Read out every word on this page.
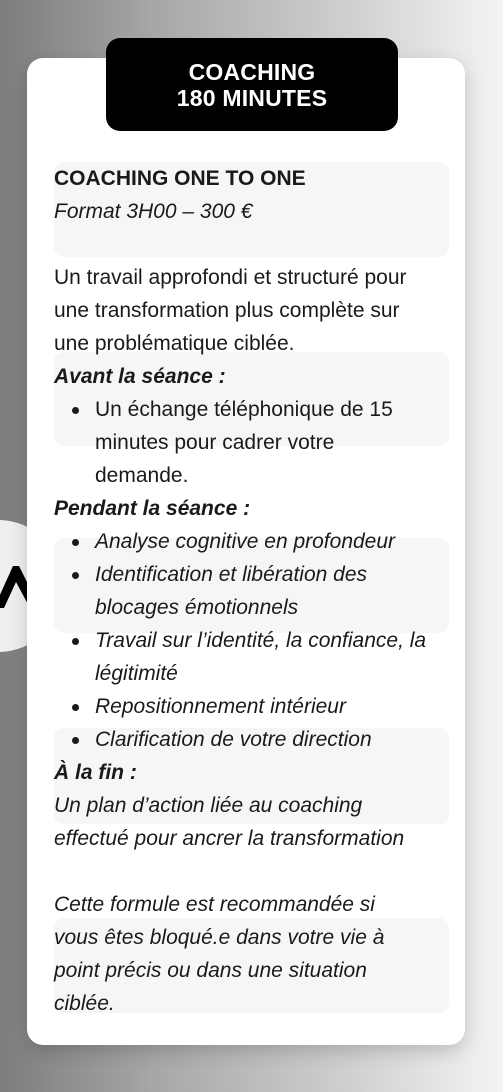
COACHING
180 MINUTES
COACHING ONE TO ONE
Format 3H00 – 300 €
Un travail approfondi et structuré pour
une transformation plus complète sur
une problématique ciblée.
Avant la séance :
Un échange téléphonique de 15
minutes pour cadrer votre
demande.
Pendant la séance :
Analyse cognitive en profondeur
Identification et libération des
blocages émotionnels
Travail sur l’identité, la confiance, la
légitimité
Repositionnement intérieur
Clarification de votre direction
À la fin :
Un plan d’action liée au coaching
effectué pour ancrer la transformation
Cette formule est recommandée si
vous êtes bloqué.e dans votre vie à
point précis ou dans une situation
ciblée.
